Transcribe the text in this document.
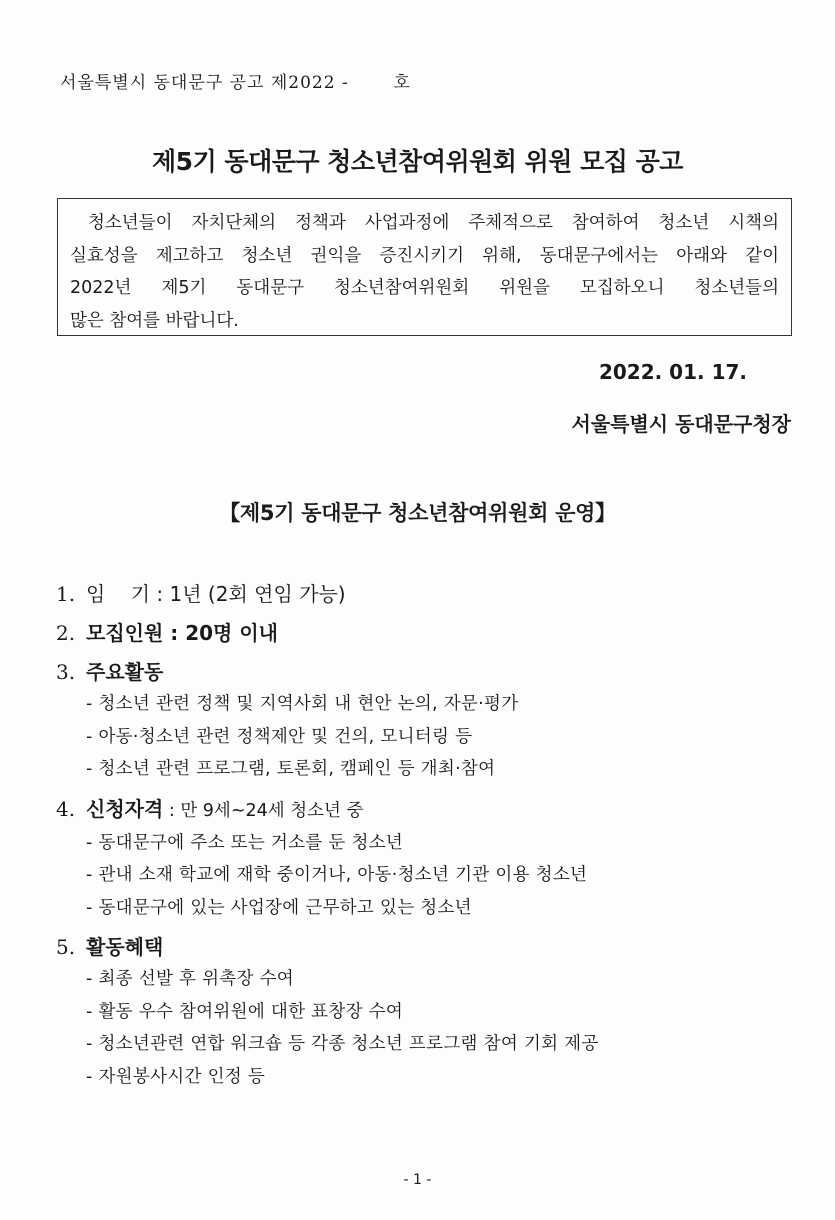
서울특별시 동대문구 공고 제2022 -       호
제5기 동대문구 청소년참여위원회 위원 모집 공고
청소년들이 자치단체의 정책과 사업과정에 주체적으로 참여하여 청소년 시책의
실효성을 제고하고 청소년 권익을 증진시키기 위해, 동대문구에서는 아래와 같이
2022년 제5기 동대문구 청소년참여위원회 위원을 모집하오니 청소년들의
많은 참여를 바랍니다.
2022. 01. 17.
서울특별시 동대문구청장
【제5기 동대문구 청소년참여위원회 운영】
1. 임    기 : 1년 (2회 연임 가능)
2. 모집인원 : 20명 이내
3. 주요활동
- 청소년 관련 정책 및 지역사회 내 현안 논의, 자문·평가
- 아동·청소년 관련 정책제안 및 건의, 모니터링 등
- 청소년 관련 프로그램, 토론회, 캠페인 등 개최·참여
4. 신청자격 : 만 9세~24세 청소년 중
- 동대문구에 주소 또는 거소를 둔 청소년
- 관내 소재 학교에 재학 중이거나, 아동·청소년 기관 이용 청소년
- 동대문구에 있는 사업장에 근무하고 있는 청소년
5. 활동혜택
- 최종 선발 후 위촉장 수여
- 활동 우수 참여위원에 대한 표창장 수여
- 청소년관련 연합 워크숍 등 각종 청소년 프로그램 참여 기회 제공
- 자원봉사시간 인정 등
- 1 -
